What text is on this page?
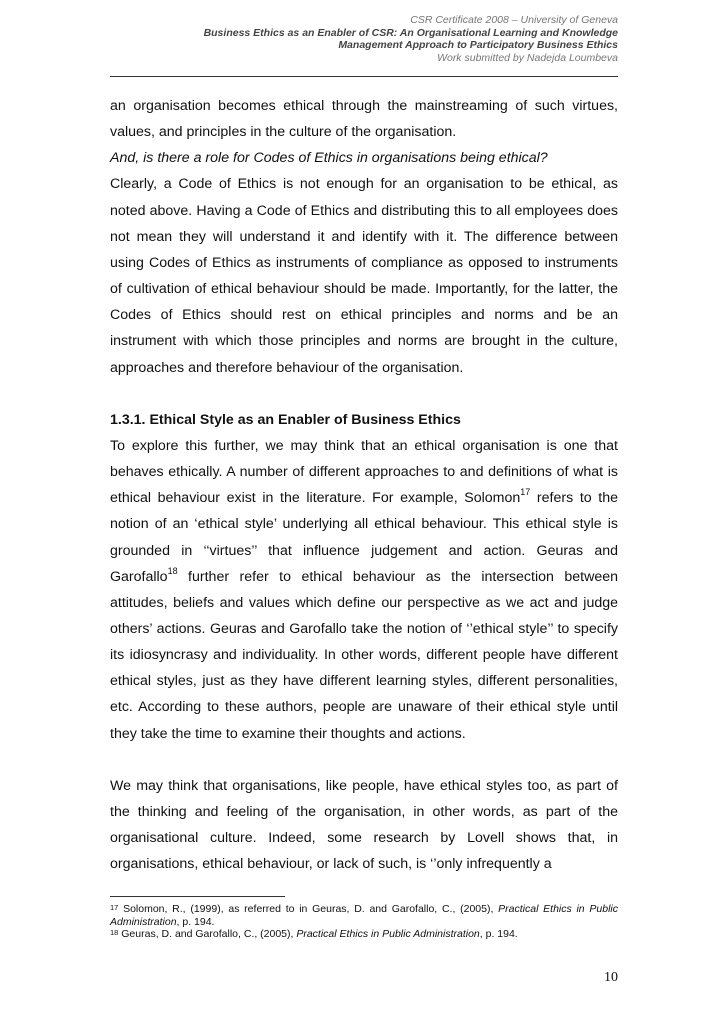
CSR Certificate 2008 – University of Geneva
Business Ethics as an Enabler of CSR: An Organisational Learning and Knowledge
Management Approach to Participatory Business Ethics
Work submitted by Nadejda Loumbeva

an organisation becomes ethical through the mainstreaming of such virtues, values, and principles in the culture of the organisation.

And, is there a role for Codes of Ethics in organisations being ethical?

Clearly, a Code of Ethics is not enough for an organisation to be ethical, as noted above. Having a Code of Ethics and distributing this to all employees does not mean they will understand it and identify with it. The difference between using Codes of Ethics as instruments of compliance as opposed to instruments of cultivation of ethical behaviour should be made. Importantly, for the latter, the Codes of Ethics should rest on ethical principles and norms and be an instrument with which those principles and norms are brought in the culture, approaches and therefore behaviour of the organisation.

1.3.1. Ethical Style as an Enabler of Business Ethics

To explore this further, we may think that an ethical organisation is one that behaves ethically. A number of different approaches to and definitions of what is ethical behaviour exist in the literature. For example, Solomon$^{17}$ refers to the notion of an ‘ethical style’ underlying all ethical behaviour. This ethical style is grounded in ‘‘virtues’’ that influence judgement and action. Geuras and Garofallo$^{18}$ further refer to ethical behaviour as the intersection between attitudes, beliefs and values which define our perspective as we act and judge others’ actions. Geuras and Garofallo take the notion of ‘’ethical style’’ to specify its idiosyncrasy and individuality. In other words, different people have different ethical styles, just as they have different learning styles, different personalities, etc. According to these authors, people are unaware of their ethical style until they take the time to examine their thoughts and actions.

We may think that organisations, like people, have ethical styles too, as part of the thinking and feeling of the organisation, in other words, as part of the organisational culture. Indeed, some research by Lovell shows that, in organisations, ethical behaviour, or lack of such, is ‘’only infrequently a

$^{17}$ Solomon, R., (1999), as referred to in Geuras, D. and Garofallo, C., (2005), Practical Ethics in Public Administration, p. 194.

$^{18}$ Geuras, D. and Garofallo, C., (2005), Practical Ethics in Public Administration, p. 194.

10
